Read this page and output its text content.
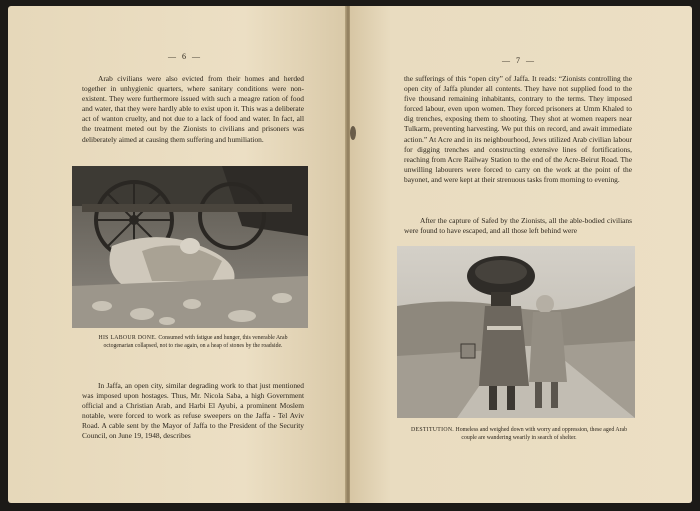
— 6 —

Arab civilians were also evicted from their homes and herded together in unhygienic quarters, where sanitary conditions were non-existent. They were furthermore issued with such a meagre ration of food and water, that they were hardly able to exist upon it. This was a deliberate act of wanton cruelty, and not due to a lack of food and water. In fact, all the treatment meted out by the Zionists to civilians and prisoners was deliberately aimed at causing them suffering and humiliation.

HIS LABOUR DONE. Consumed with fatigue and hunger, this venerable Arab octogenarian collapsed, not to rise again, on a heap of stones by the roadside.

In Jaffa, an open city, similar degrading work to that just mentioned was imposed upon hostages. Thus, Mr. Nicola Saba, a high Government official and a Christian Arab, and Harbi El Ayubi, a prominent Moslem notable, were forced to work as refuse sweepers on the Jaffa - Tel Aviv Road. A cable sent by the Mayor of Jaffa to the President of the Security Council, on June 19, 1948, describes

— 7 —

the sufferings of this “open city” of Jaffa. It reads: “Zionists controlling the open city of Jaffa plunder all contents. They have not supplied food to the five thousand remaining inhabitants, contrary to the terms. They imposed forced labour, even upon women. They forced prisoners at Umm Khaled to dig trenches, exposing them to shooting. They shot at women reapers near Tulkarm, preventing harvesting. We put this on record, and await immediate action.” At Acre and in its neighbourhood, Jews utilized Arab civilian labour for digging trenches and constructing extensive lines of fortifications, reaching from Acre Railway Station to the end of the Acre-Beirut Road. The unwilling labourers were forced to carry on the work at the point of the bayonet, and were kept at their strenuous tasks from morning to evening.

After the capture of Safed by the Zionists, all the able-bodied civilians were found to have escaped, and all those left behind were

DESTITUTION. Homeless and weighed down with worry and oppression, these aged Arab couple are wandering wearily in search of shelter.
